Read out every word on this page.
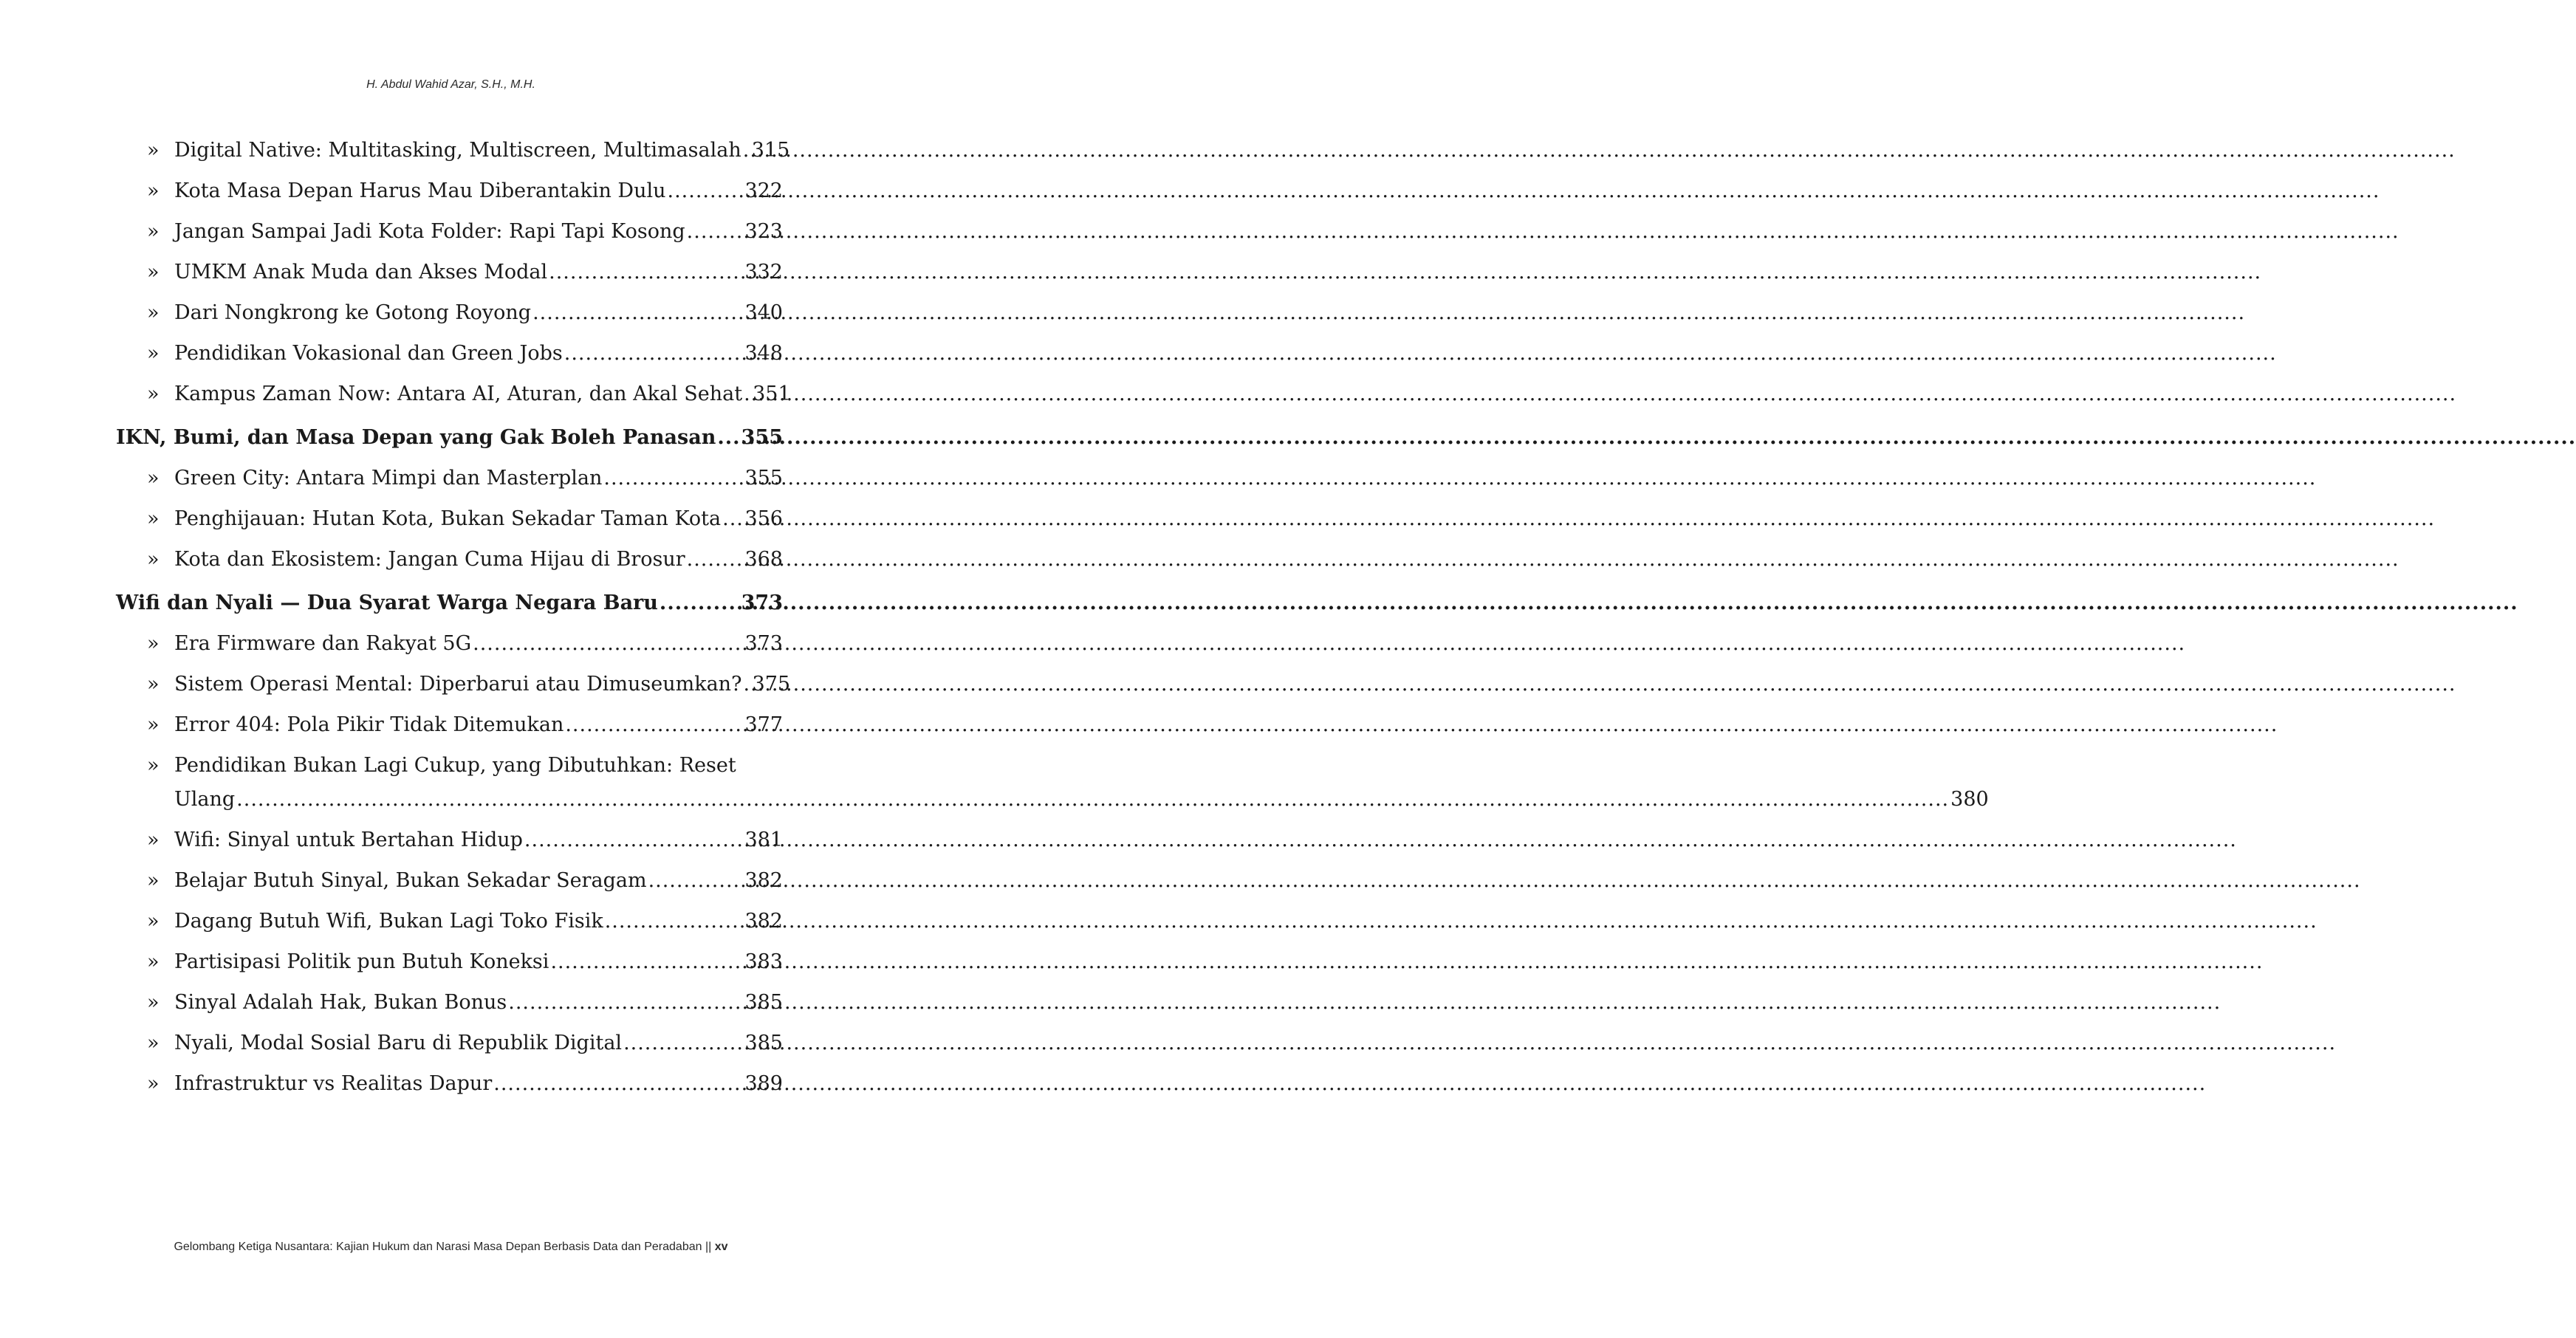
H. Abdul Wahid Azar, S.H., M.H.
» Digital Native: Multitasking, Multiscreen, Multimasalah ..... 315
» Kota Masa Depan Harus Mau Diberantakin Dulu .....	322
» Jangan Sampai Jadi Kota Folder: Rapi Tapi Kosong .....	323
» UMKM Anak Muda dan Akses Modal .....	332
» Dari Nongkrong ke Gotong Royong .....	340
» Pendidikan Vokasional dan Green Jobs .....	348
» Kampus Zaman Now: Antara AI, Aturan, dan Akal Sehat ..... 351
IKN, Bumi, dan Masa Depan yang Gak Boleh Panasan ..... 355
» Green City: Antara Mimpi dan Masterplan .....	355
» Penghijauan: Hutan Kota, Bukan Sekadar Taman Kota ..... 356
» Kota dan Ekosistem: Jangan Cuma Hijau di Brosur .....	368
Wifi dan Nyali — Dua Syarat Warga Negara Baru .....	373
» Era Firmware dan Rakyat 5G .....	373
» Sistem Operasi Mental: Diperbarui atau Dimuseumkan? ..... 375
» Error 404: Pola Pikir Tidak Ditemukan .....	377
» Pendidikan Bukan Lagi Cukup, yang Dibutuhkan: Reset
Ulang .....	380
» Wifi: Sinyal untuk Bertahan Hidup .....	381
» Belajar Butuh Sinyal, Bukan Sekadar Seragam .....	382
» Dagang Butuh Wifi, Bukan Lagi Toko Fisik .....	382
» Partisipasi Politik pun Butuh Koneksi .....	383
» Sinyal Adalah Hak, Bukan Bonus .....	385
» Nyali, Modal Sosial Baru di Republik Digital .....	385
» Infrastruktur vs Realitas Dapur .....	389
Gelombang Ketiga Nusantara: Kajian Hukum dan Narasi Masa Depan Berbasis Data dan Peradaban || xv
